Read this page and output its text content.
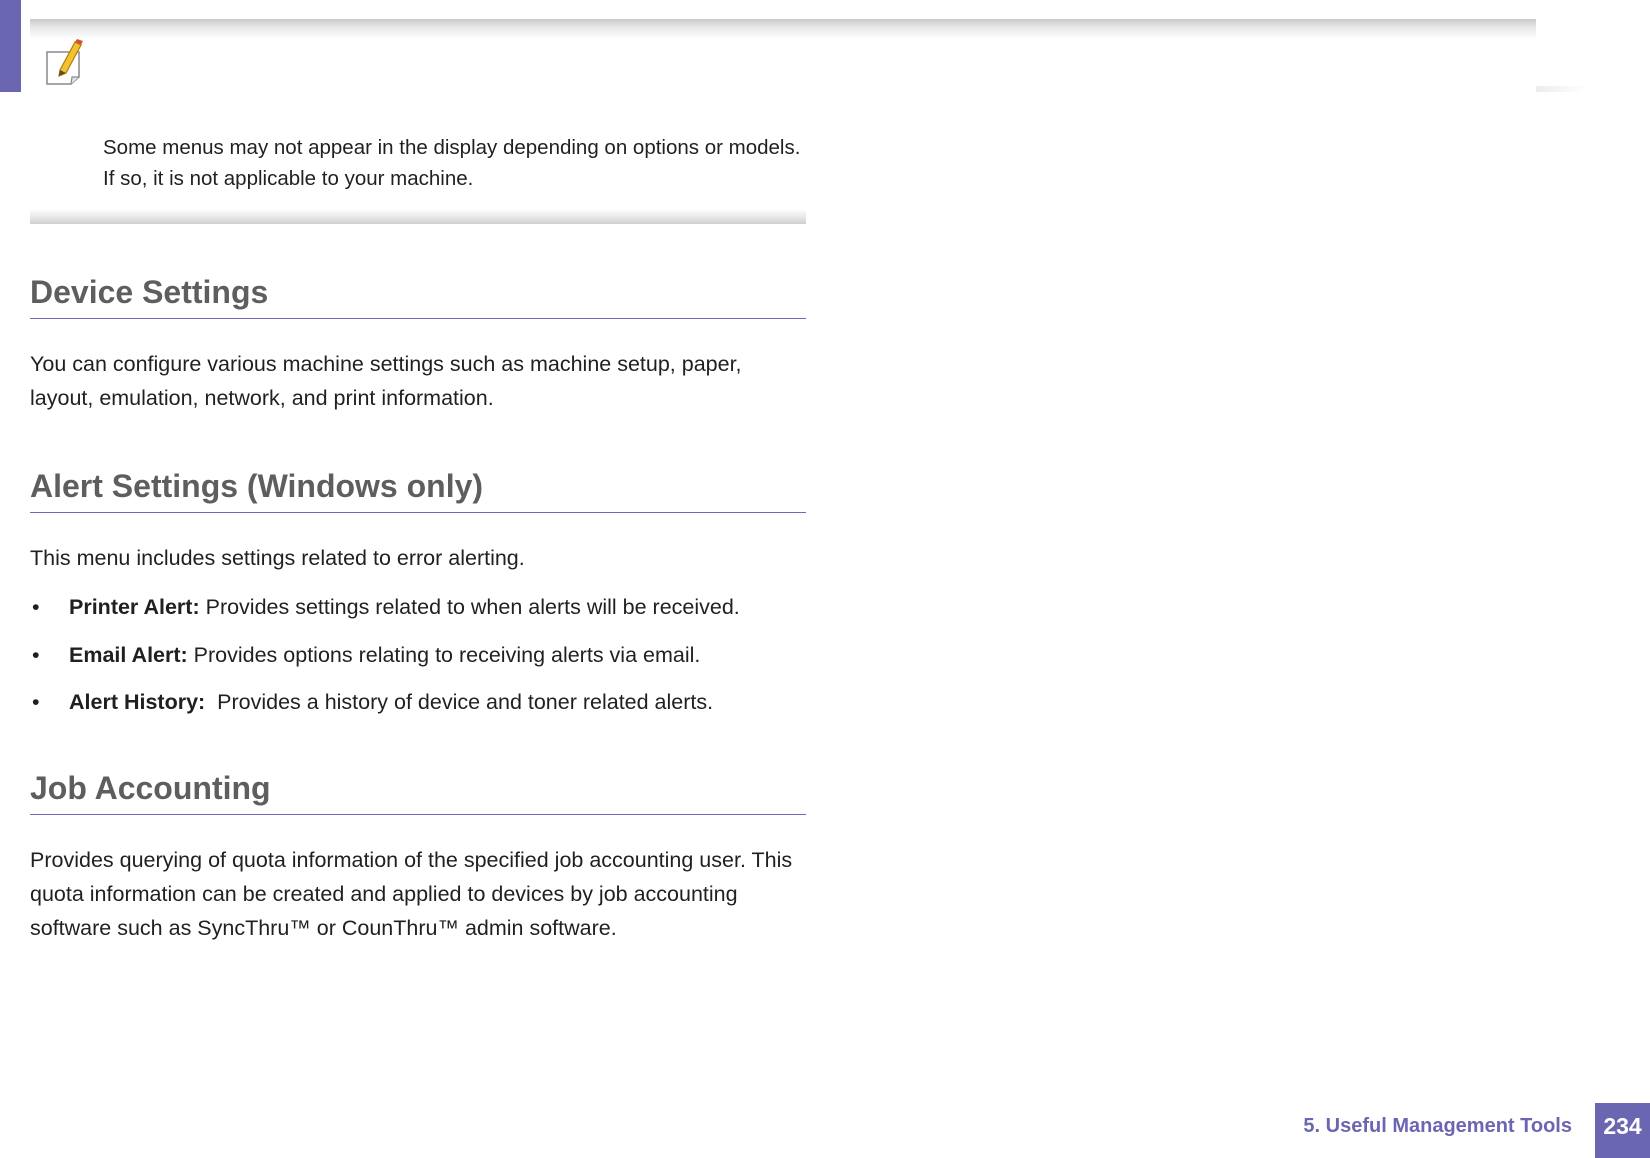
Some menus may not appear in the display depending on options or models. If so, it is not applicable to your machine.
Device Settings
You can configure various machine settings such as machine setup, paper, layout, emulation, network, and print information.
Alert Settings (Windows only)
This menu includes settings related to error alerting.
• Printer Alert: Provides settings related to when alerts will be received.
• Email Alert: Provides options relating to receiving alerts via email.
• Alert History:  Provides a history of device and toner related alerts.
Job Accounting
Provides querying of quota information of the specified job accounting user. This quota information can be created and applied to devices by job accounting software such as SyncThru™ or CounThru™ admin software.
5. Useful Management Tools	234
